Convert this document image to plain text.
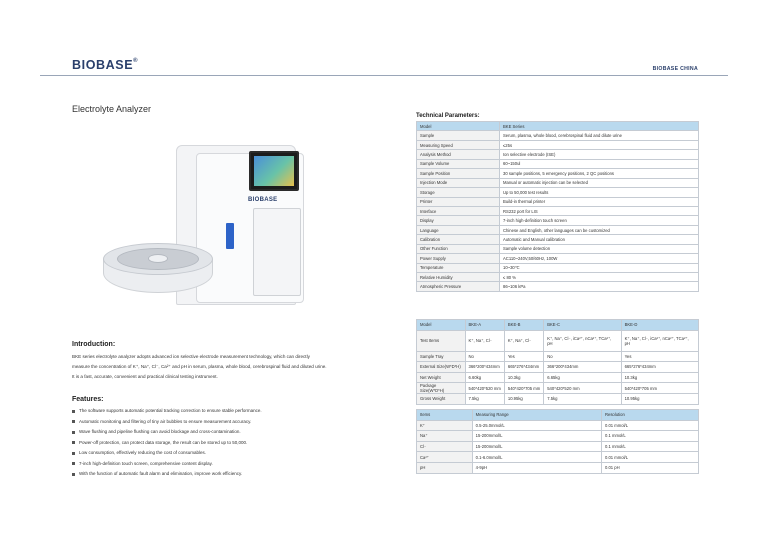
BIOBASE®
BIOBASE CHINA
Electrolyte Analyzer
BIOBASE
Introduction:
BKE series electrolyte analyzer adopts advanced ion selective electrode measurement technology, which can directly
measure the concentration of K⁺, Na⁺, Cl⁻, Ca²⁺ and pH in serum, plasma, whole blood, cerebrospinal fluid and diluted urine.
It is a fast, accurate, convenient and practical clinical testing instrument.
Features:
The software supports automatic potential tracking correction to ensure stable performance.
Automatic monitoring and filtering of tiny air bubbles to ensure measurement accuracy.
Wave flushing and pipeline flushing can avoid blockage and cross-contamination.
Power-off protection, can protect data storage, the result can be stored up to 50,000.
Low consumption, effectively reducing the cost of consumables.
7-inch high-definition touch screen, comprehensive content display.
With the function of automatic fault alarm and elimination, improve work efficiency.
Technical Parameters:
Model	BKE Series
Sample	Serum, plasma, whole blood, cerebrospinal fluid and dilute urine
Measuring Speed	≤25s
Analysis Method	Ion selective electrode (ISE)
Sample Volume	60~150ul
Sample Position	30 sample positions, 5 emergency positions, 2 QC positions
Injection Mode	Manual or automatic injection can be selected
Storage	Up to 50,000 test results
Printer	Build-in thermal printer
Interface	RS232 port for LIS
Display	7-inch high-definition touch screen
Language	Chinese and English, other languages can be customized
Calibration	Automatic and Manual calibration
Other Function	Sample volume detection
Power Supply	AC110~240V,50/60Hz, 100W
Temperature	10~30℃
Relative Humidity	≤ 80 %
Atmospheric Pressure	86~106 kPa
Model	BKE-A	BKE-B	BKE-C	BKE-D
Test Items	K⁺, Na⁺, Cl⁻	K⁺, Na⁺, Cl⁻	K⁺, Na⁺, Cl⁻, iCa²⁺, nCa²⁺, TCa²⁺, pH	K⁺, Na⁺, Cl⁻, iCa²⁺, nCa²⁺, TCa²⁺, pH
Sample Tray	No	Yes	No	Yes
External Size(W*D*H)	366*200*434mm	665*276*434mm	366*200*434mm	665*276*434mm
Net Weight	6.60kg	10.3kg	6.65kg	10.3kg
Package Size(W*D*H)	540*420*520 mm	540*420*705 mm	540*420*520 mm	540*420*705 mm
Gross Weight	7.5kg	10.95kg	7.5kg	10.95kg
Items	Measuring Range	Resolution
K⁺	0.5-25.0mmol/L	0.01 mmol/L
Na⁺	15-200mmol/L	0.1 mmol/L
Cl⁻	15-200mmol/L	0.1 mmol/L
Ca²⁺	0.1-6.0mmol/L	0.01 mmol/L
pH	4-9pH	0.01 pH
